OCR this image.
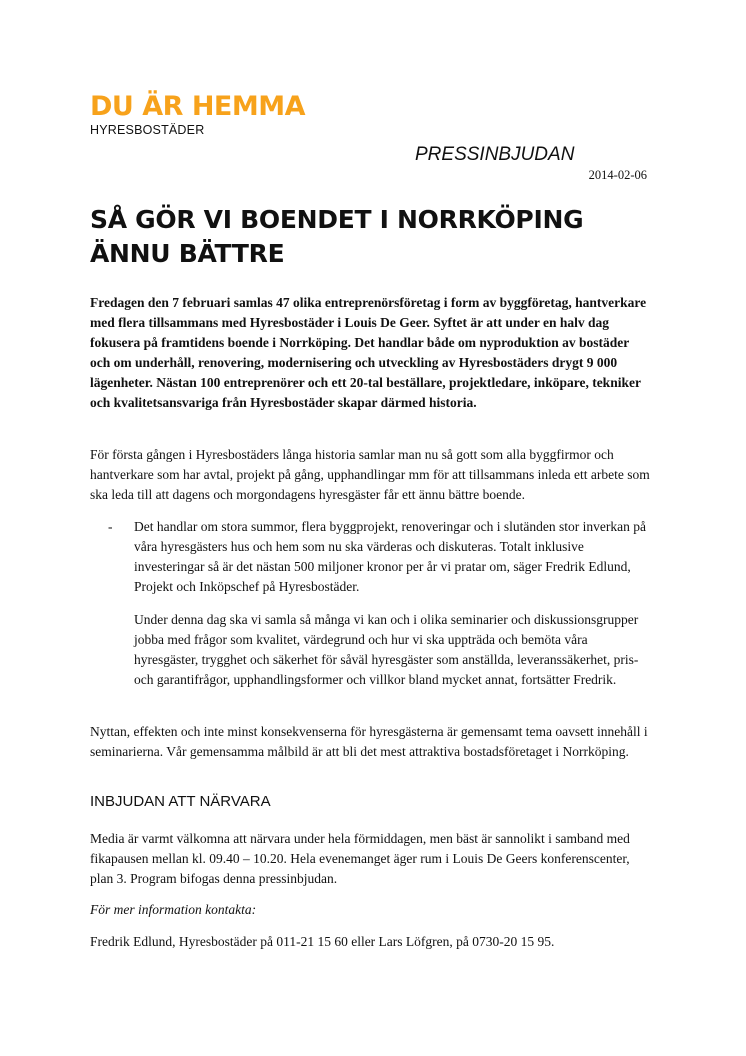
DU ÄR HEMMA
HYRESBOSTÄDER
PRESSINBJUDAN
2014-02-06
SÅ GÖR VI BOENDET I NORRKÖPING
ÄNNU BÄTTRE

Fredagen den 7 februari samlas 47 olika entreprenörsföretag i form av byggföretag, hantverkare med flera tillsammans med Hyresbostäder i Louis De Geer. Syftet är att under en halv dag fokusera på framtidens boende i Norrköping. Det handlar både om nyproduktion av bostäder och om underhåll, renovering, modernisering och utveckling av Hyresbostäders drygt 9 000 lägenheter. Nästan 100 entreprenörer och ett 20-tal beställare, projektledare, inköpare, tekniker och kvalitetsansvariga från Hyresbostäder skapar därmed historia.

För första gången i Hyresbostäders långa historia samlar man nu så gott som alla byggfirmor och hantverkare som har avtal, projekt på gång, upphandlingar mm för att tillsammans inleda ett arbete som ska leda till att dagens och morgondagens hyresgäster får ett ännu bättre boende.

- Det handlar om stora summor, flera byggprojekt, renoveringar och i slutänden stor inverkan på våra hyresgästers hus och hem som nu ska värderas och diskuteras. Totalt inklusive investeringar så är det nästan 500 miljoner kronor per år vi pratar om, säger Fredrik Edlund, Projekt och Inköpschef på Hyresbostäder.

Under denna dag ska vi samla så många vi kan och i olika seminarier och diskussionsgrupper jobba med frågor som kvalitet, värdegrund och hur vi ska uppträda och bemöta våra hyresgäster, trygghet och säkerhet för såväl hyresgäster som anställda, leveranssäkerhet, pris- och garantifrågor, upphandlingsformer och villkor bland mycket annat, fortsätter Fredrik.

Nyttan, effekten och inte minst konsekvenserna för hyresgästerna är gemensamt tema oavsett innehåll i seminarierna. Vår gemensamma målbild är att bli det mest attraktiva bostadsföretaget i Norrköping.

INBJUDAN ATT NÄRVARA

Media är varmt välkomna att närvara under hela förmiddagen, men bäst är sannolikt i samband med fikapausen mellan kl. 09.40 – 10.20. Hela evenemanget äger rum i Louis De Geers konferenscenter, plan 3. Program bifogas denna pressinbjudan.

För mer information kontakta:

Fredrik Edlund, Hyresbostäder på 011-21 15 60 eller Lars Löfgren, på 0730-20 15 95.
